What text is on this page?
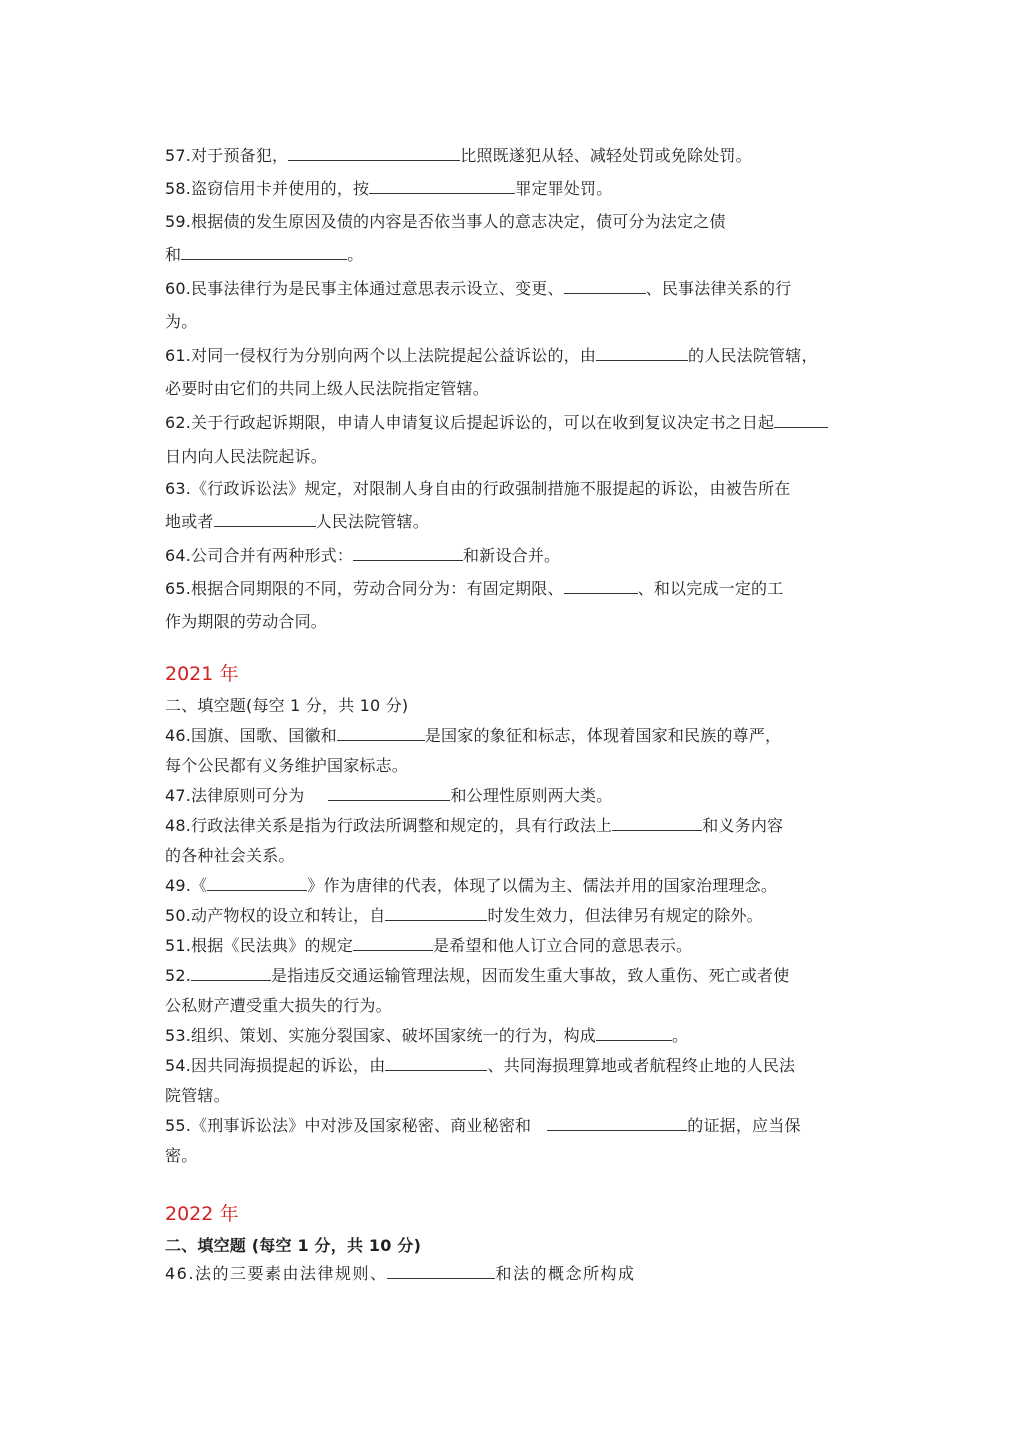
57.对于预备犯，	比照既遂犯从轻、减轻处罚或免除处罚。
58.盗窃信用卡并使用的，按	罪定罪处罚。
59.根据债的发生原因及债的内容是否依当事人的意志决定，债可分为法定之债
和	。
60.民事法律行为是民事主体通过意思表示设立、变更、	、民事法律关系的行
为。
61.对同一侵权行为分别向两个以上法院提起公益诉讼的，由	的人民法院管辖，
必要时由它们的共同上级人民法院指定管辖。
62.关于行政起诉期限，申请人申请复议后提起诉讼的，可以在收到复议决定书之日起
日内向人民法院起诉。
63.《行政诉讼法》规定，对限制人身自由的行政强制措施不服提起的诉讼，由被告所在
地或者	人民法院管辖。
64.公司合并有两种形式：	和新设合并。
65.根据合同期限的不同，劳动合同分为：有固定期限、	、和以完成一定的工
作为期限的劳动合同。
2021 年
二、填空题(每空 1 分，共 10 分)
46.国旗、国歌、国徽和	是国家的象征和标志，体现着国家和民族的尊严，
每个公民都有义务维护国家标志。
47.法律原则可分为	和公理性原则两大类。
48.行政法律关系是指为行政法所调整和规定的，具有行政法上	和义务内容
的各种社会关系。
49.《	》作为唐律的代表，体现了以儒为主、儒法并用的国家治理理念。
50.动产物权的设立和转让，自	时发生效力，但法律另有规定的除外。
51.根据《民法典》的规定	是希望和他人订立合同的意思表示。
52.	是指违反交通运输管理法规，因而发生重大事故，致人重伤、死亡或者使
公私财产遭受重大损失的行为。
53.组织、策划、实施分裂国家、破坏国家统一的行为，构成	。
54.因共同海损提起的诉讼，由	、共同海损理算地或者航程终止地的人民法
院管辖。
55.《刑事诉讼法》中对涉及国家秘密、商业秘密和	的证据，应当保
密。
2022 年
二、填空题 (每空 1 分，共 10 分)
46.法的三要素由法律规则、	和法的概念所构成
